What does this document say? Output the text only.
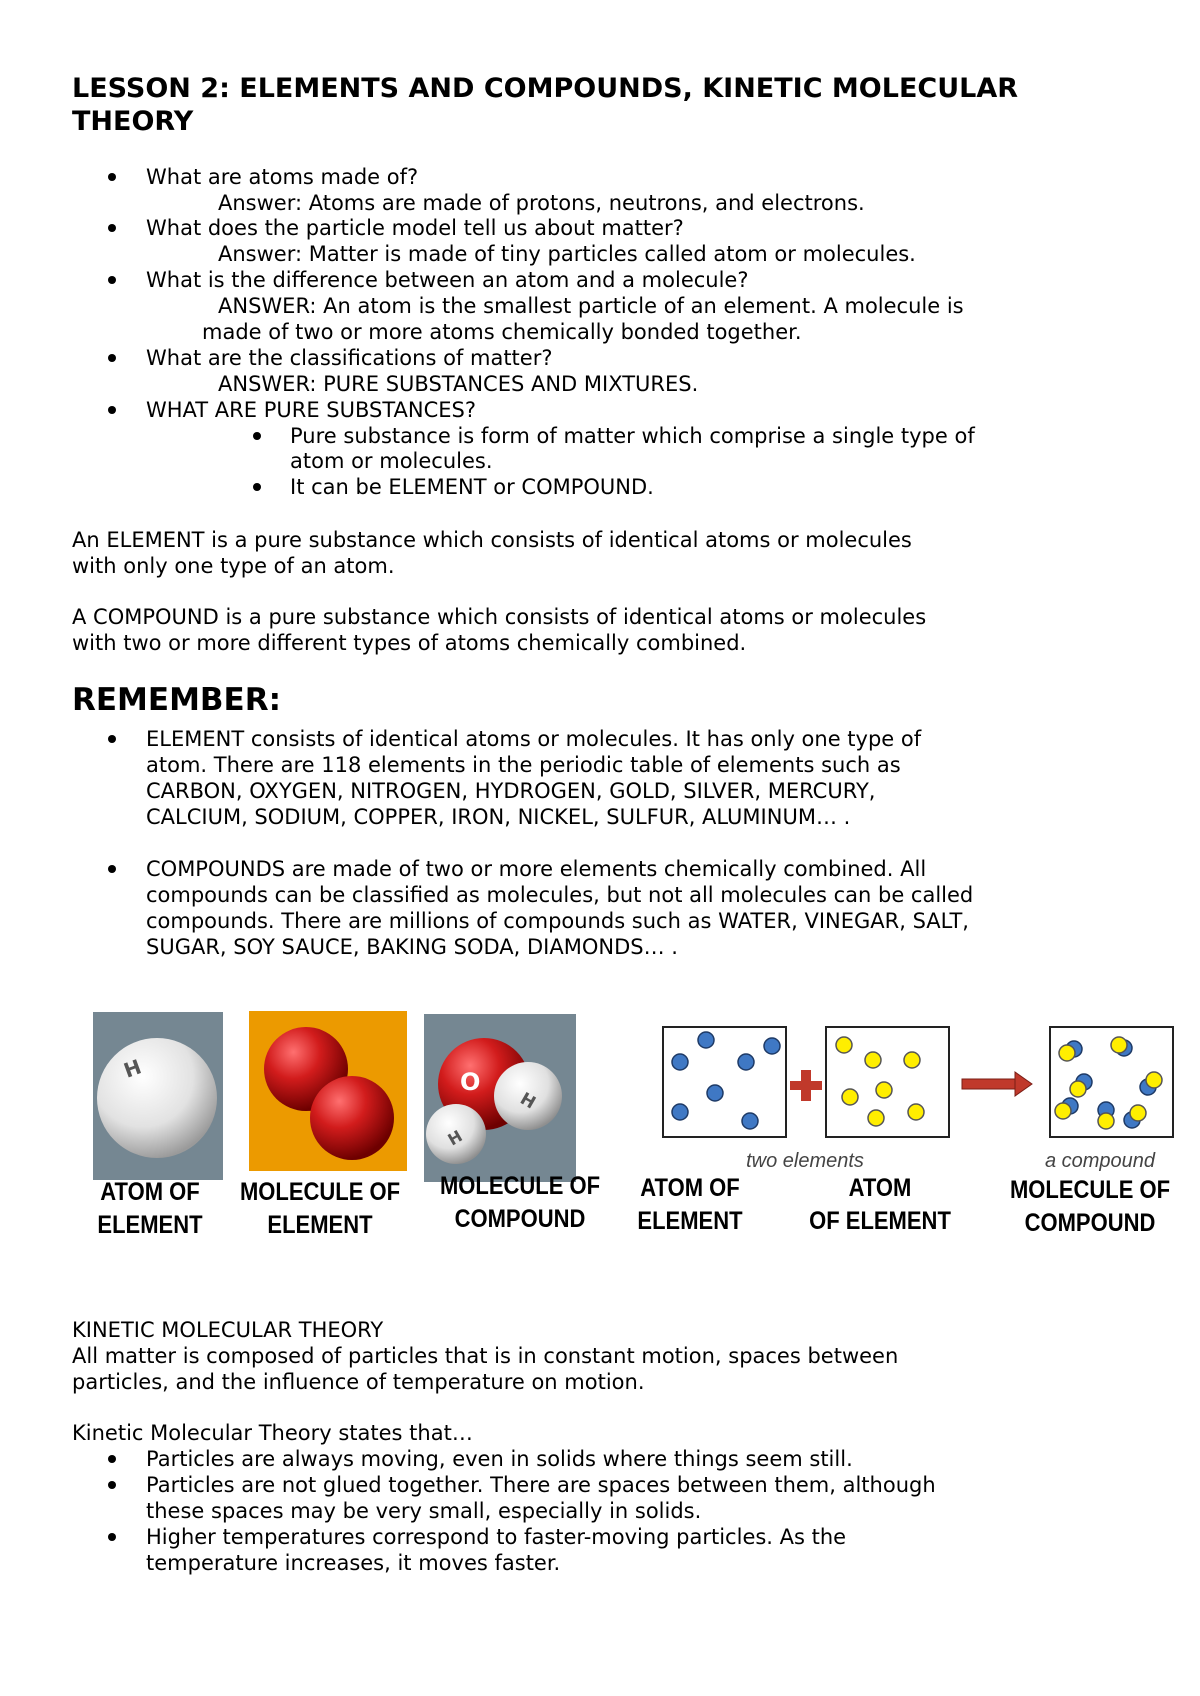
LESSON 2: ELEMENTS AND COMPOUNDS, KINETIC MOLECULAR
THEORY
What are atoms made of?
Answer: Atoms are made of protons, neutrons, and electrons.
What does the particle model tell us about matter?
Answer: Matter is made of tiny particles called atom or molecules.
What is the difference between an atom and a molecule?
ANSWER: An atom is the smallest particle of an element. A molecule is
made of two or more atoms chemically bonded together.
What are the classifications of matter?
ANSWER: PURE SUBSTANCES AND MIXTURES.
WHAT ARE PURE SUBSTANCES?
Pure substance is form of matter which comprise a single type of
atom or molecules.
It can be ELEMENT or COMPOUND.
An ELEMENT is a pure substance which consists of identical atoms or molecules
with only one type of an atom.
A COMPOUND is a pure substance which consists of identical atoms or molecules
with two or more different types of atoms chemically combined.
REMEMBER:
ELEMENT consists of identical atoms or molecules. It has only one type of
atom. There are 118 elements in the periodic table of elements such as
CARBON, OXYGEN, NITROGEN, HYDROGEN, GOLD, SILVER, MERCURY,
CALCIUM, SODIUM, COPPER, IRON, NICKEL, SULFUR, ALUMINUM… .
COMPOUNDS are made of two or more elements chemically combined. All
compounds can be classified as molecules, but not all molecules can be called
compounds. There are millions of compounds such as WATER, VINEGAR, SALT,
SUGAR, SOY SAUCE, BAKING SODA, DIAMONDS… .
H	O
H
H
two elements	a compound
ATOM OF
ELEMENT
MOLECULE OF
ELEMENT
MOLECULE OF
COMPOUND
ATOM OF
ELEMENT
ATOM
OF ELEMENT
MOLECULE OF
COMPOUND
KINETIC MOLECULAR THEORY
All matter is composed of particles that is in constant motion, spaces between
particles, and the influence of temperature on motion.
Kinetic Molecular Theory states that…
Particles are always moving, even in solids where things seem still.
Particles are not glued together. There are spaces between them, although
these spaces may be very small, especially in solids.
Higher temperatures correspond to faster-moving particles. As the
temperature increases, it moves faster.
